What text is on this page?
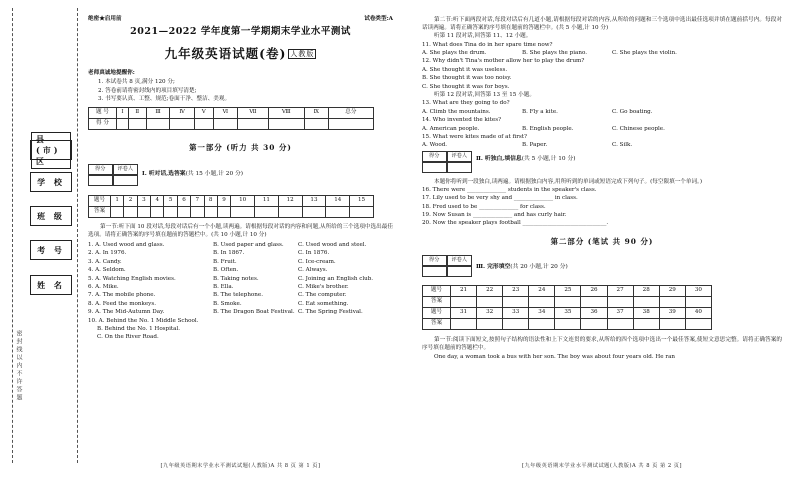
密封线以内不许答题
县(市)区
学 校
班 级
考 号
姓 名
绝密★启用前	试卷类型:A
2021—2022 学年度第一学期期末学业水平测试
九年级英语试题(卷) 人教版
老师真诚地提醒你:
1. 本试卷共 8 页,满分 120 分;
2. 答卷前请将密封线内的项目填写清楚;
3. 书写要认真、工整、规范;卷面干净、整洁、美观。
题 号	Ⅰ	Ⅱ	Ⅲ	Ⅳ	Ⅴ	Ⅵ	Ⅶ	Ⅷ	Ⅸ	总分
得 分										
第一部分 (听力 共 30 分)
得分	评卷人
Ⅰ. 听对话,选答案(共 15 小题,计 20 分)
题号	1	2	3	4	5	6	7	8	9	10	11	12	13	14	15
答案															
第一节:听下面 10 段对话,每段对话后有一个小题,读两遍。请根据每段对话的内容和问题,从所给的三个选项中选出最佳选项。请将正确答案的序号填在题前的答题栏中。(共 10 小题,计 10 分)
1. A. Used wood and glass.	B. Used paper and glass.	C. Used wood and steel.
2. A. In 1976.	B. In 1867.	C. In 1876.
3. A. Candy.	B. Fruit.	C. Ice-cream.
4. A. Seldom.	B. Often.	C. Always.
5. A. Watching English movies.	B. Taking notes.	C. Joining an English club.
6. A. Mike.	B. Ella.	C. Mike's brother.
7. A. The mobile phone.	B. The telephone.	C. The computer.
8. A. Feed the monkeys.	B. Smoke.	C. Eat something.
9. A. The Mid-Autumn Day.	B. The Dragon Boat Festival. C. The Spring Festival.
10. A. Behind the No. 1 Middle School.
B. Behind the No. 1 Hospital.
C. On the River Road.
[九年级英语期末学业水平测试试题(人教版)A 共 8 页 第 1 页]
第二节:听下面两段对话,每段对话后有几道小题,请根据每段对话的内容,从所给的问题和三个选项中选出最佳选项并填在题前括号内。每段对话读两遍。请将正确答案的序号填在题前的答题栏中。(共 5 小题,计 10 分)
听第 11 段对话,回答第 11、12 小题。
11. What does Tina do in her spare time now?
A. She plays the drum.	B. She plays the piano.	C. She plays the violin.
12. Why didn't Tina's mother allow her to play the drum?
A. She thought it was useless.
B. She thought it was too noisy.
C. She thought it was for boys.
听第 12 段对话,回答第 13 至 15 小题。
13. What are they going to do?
A. Climb the mountains.	B. Fly a kite.	C. Go boating.
14. Who invented the kites?
A. American people.	B. English people.	C. Chinese people.
15. What were kites made of at first?
A. Wood.	B. Paper.	C. Silk.
得分	评卷人	Ⅱ. 听独白,填信息(共 5 小题,计 10 分)
本题你将听到一段独白,读两遍。请根据独白内容,用所听到的单词或短语完成下列句子。(每空限填一个单词。)
16. There were ______________ students in the speaker's class.
17. Lily used to be very shy and ______________ in class.
18. Fred used to be ______________ for class.
19. Now Susan is ______________ and has curly hair.
20. Now the speaker plays football ______________________________.
第二部分 (笔试 共 90 分)
得分	评卷人
Ⅲ. 完形填空(共 20 小题,计 20 分)
题号	21	22	23	24	25	26	27	28	29	30
答案										
题号	31	32	33	34	35	36	37	38	39	40
答案										
第一节:阅读下面短文,按照句子结构的语法性和上下文连贯的要求,从所给的四个选项中选出一个最佳答案,使短文意思完整。请将正确答案的序号填在题前的答题栏中。
One day, a woman took a bus with her son. The boy was about four years old. He ran
[九年级英语期末学业水平测试试题(人教版)A 共 8 页 第 2 页]
